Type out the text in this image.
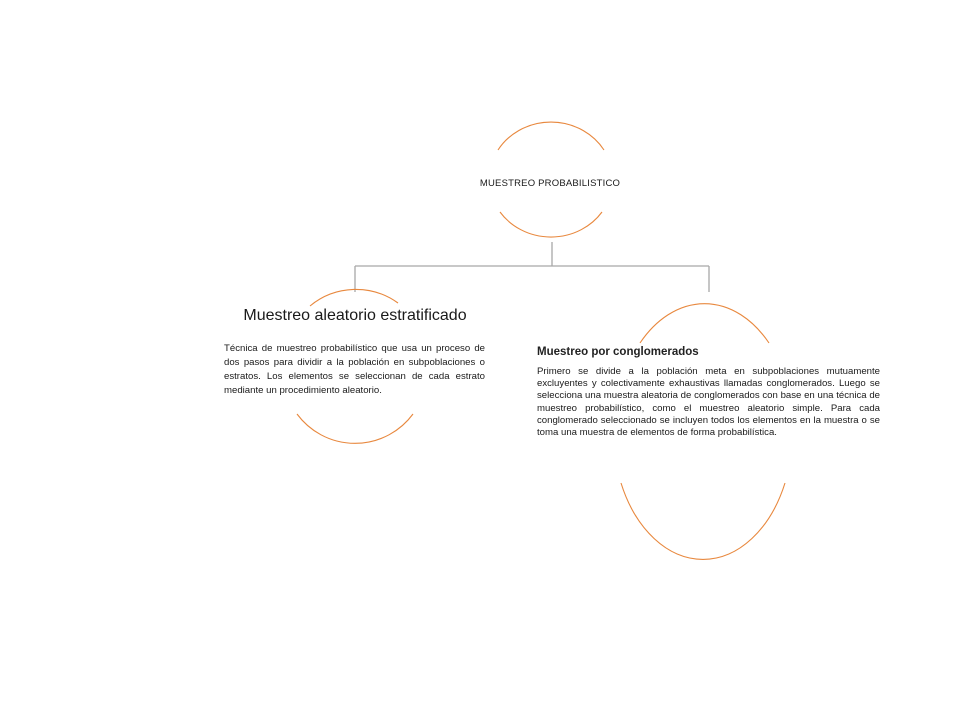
MUESTREO PROBABILISTICO
Muestreo aleatorio estratificado
Técnica de muestreo probabilístico que usa un proceso de dos pasos para dividir a la población en subpoblaciones o estratos. Los elementos se seleccionan de cada estrato mediante un procedimiento aleatorio.
Muestreo por conglomerados
Primero se divide a la población meta en subpoblaciones mutuamente excluyentes y colectivamente exhaustivas llamadas conglomerados. Luego se selecciona una muestra aleatoria de conglomerados con base en una técnica de muestreo probabilístico, como el muestreo aleatorio simple. Para cada conglomerado seleccionado se incluyen todos los elementos en la muestra o se toma una muestra de elementos de forma probabilística.
